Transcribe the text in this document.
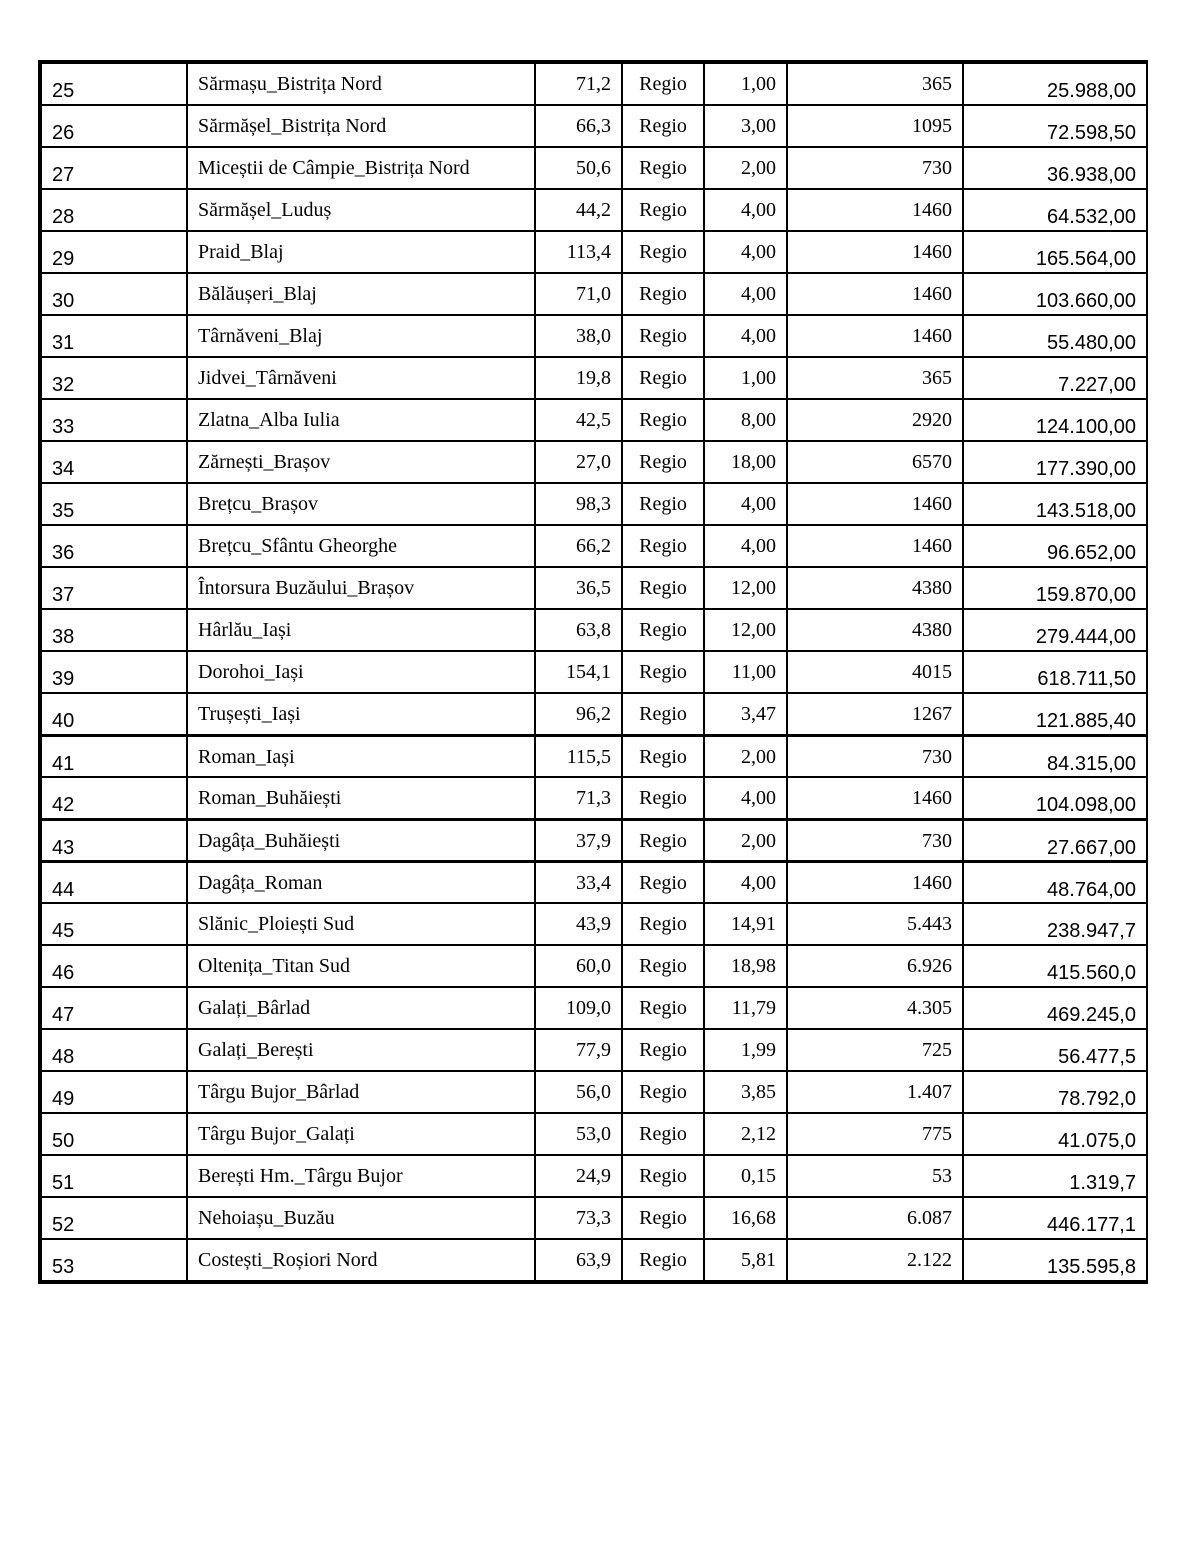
25	Sărmașu_Bistrița Nord	71,2	Regio	1,00	365	25.988,00
26	Sărmășel_Bistrița Nord	66,3	Regio	3,00	1095	72.598,50
27	Miceștii de Câmpie_Bistrița Nord	50,6	Regio	2,00	730	36.938,00
28	Sărmășel_Luduș	44,2	Regio	4,00	1460	64.532,00
29	Praid_Blaj	113,4	Regio	4,00	1460	165.564,00
30	Bălăușeri_Blaj	71,0	Regio	4,00	1460	103.660,00
31	Târnăveni_Blaj	38,0	Regio	4,00	1460	55.480,00
32	Jidvei_Târnăveni	19,8	Regio	1,00	365	7.227,00
33	Zlatna_Alba Iulia	42,5	Regio	8,00	2920	124.100,00
34	Zărnești_Brașov	27,0	Regio	18,00	6570	177.390,00
35	Brețcu_Brașov	98,3	Regio	4,00	1460	143.518,00
36	Brețcu_Sfântu Gheorghe	66,2	Regio	4,00	1460	96.652,00
37	Întorsura Buzăului_Brașov	36,5	Regio	12,00	4380	159.870,00
38	Hârlău_Iași	63,8	Regio	12,00	4380	279.444,00
39	Dorohoi_Iași	154,1	Regio	11,00	4015	618.711,50
40	Trușești_Iași	96,2	Regio	3,47	1267	121.885,40
41	Roman_Iași	115,5	Regio	2,00	730	84.315,00
42	Roman_Buhăiești	71,3	Regio	4,00	1460	104.098,00
43	Dagâța_Buhăiești	37,9	Regio	2,00	730	27.667,00
44	Dagâța_Roman	33,4	Regio	4,00	1460	48.764,00
45	Slănic_Ploiești Sud	43,9	Regio	14,91	5.443	238.947,7
46	Oltenița_Titan Sud	60,0	Regio	18,98	6.926	415.560,0
47	Galați_Bârlad	109,0	Regio	11,79	4.305	469.245,0
48	Galați_Berești	77,9	Regio	1,99	725	56.477,5
49	Târgu Bujor_Bârlad	56,0	Regio	3,85	1.407	78.792,0
50	Târgu Bujor_Galați	53,0	Regio	2,12	775	41.075,0
51	Berești Hm._Târgu Bujor	24,9	Regio	0,15	53	1.319,7
52	Nehoiașu_Buzău	73,3	Regio	16,68	6.087	446.177,1
53	Costești_Roșiori Nord	63,9	Regio	5,81	2.122	135.595,8
